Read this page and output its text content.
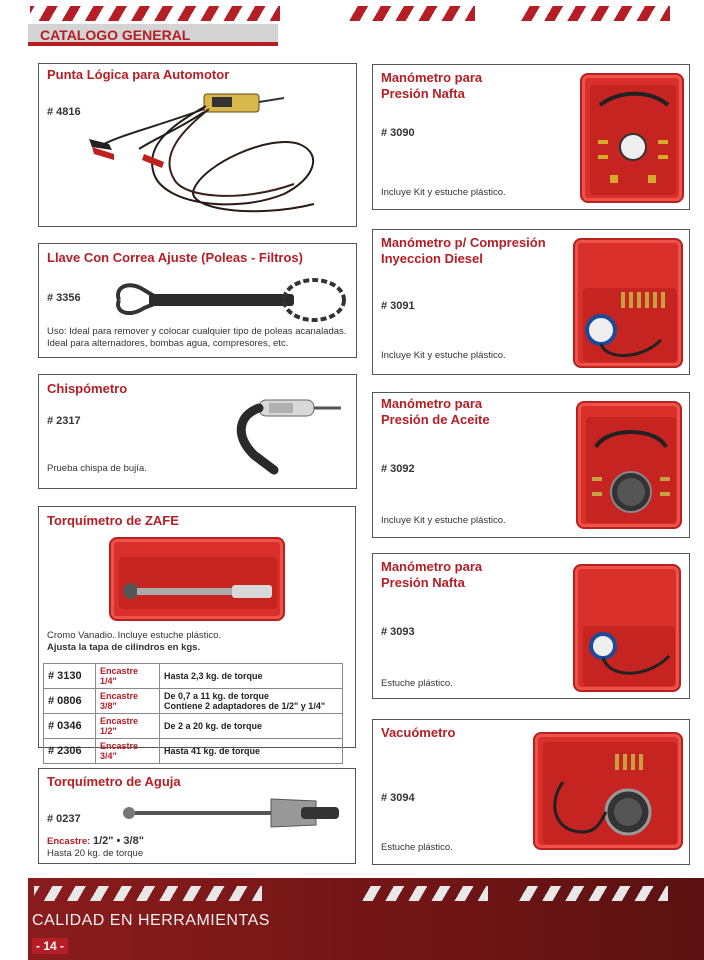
CATALOGO GENERAL
Punta Lógica para Automotor
# 4816
Llave Con Correa Ajuste (Poleas - Filtros)
# 3356
Uso: Ideal para remover y colocar cualquier tipo de poleas acanaladas.
Ideal para alternadores, bombas agua, compresores, etc.
Chispómetro
# 2317
Prueba chispa de bujía.
Torquímetro de ZAFE
Cromo Vanadio. Incluye estuche plástico.
Ajusta la tapa de cilindros en kgs.
# 3130	Encastre 1/4"	Hasta 2,3 kg. de torque
# 0806	Encastre 3/8"	De 0,7 a 11 kg. de torque
Contiene 2 adaptadores de 1/2" y 1/4"

# 0346	Encastre 1/2"	De 2 a 20 kg. de torque
# 2306	Encastre 3/4"	Hasta 41 kg. de torque
Torquímetro de Aguja
# 0237
Encastre: 1/2" • 3/8"
Hasta 20 kg. de torque
Manómetro para
Presión Nafta
# 3090
Incluye Kit y estuche plástico.
Manómetro p/ Compresión
Inyeccion Diesel
# 3091
Incluye Kit y estuche plástico.
Manómetro para
Presión de Aceite
# 3092
Incluye Kit y estuche plástico.
Manómetro para
Presión Nafta
# 3093
Estuche plástico.
Vacuómetro
# 3094
Estuche plástico.
CALIDAD EN HERRAMIENTAS
- 14 -
